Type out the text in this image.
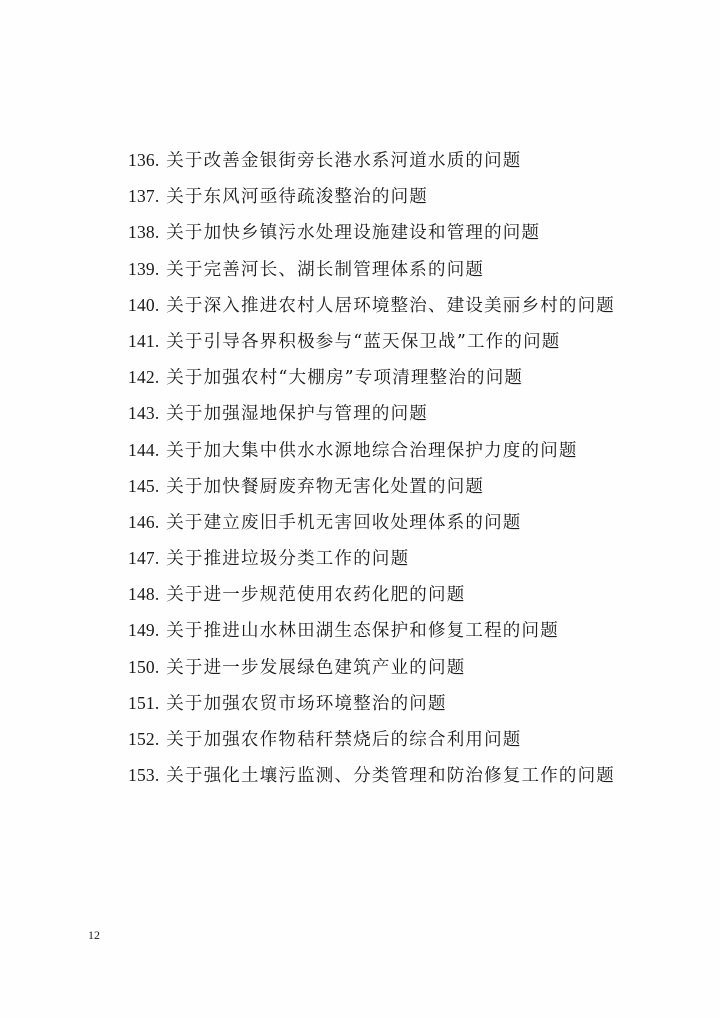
136. 关于改善金银街旁长港水系河道水质的问题
137. 关于东风河亟待疏浚整治的问题
138. 关于加快乡镇污水处理设施建设和管理的问题
139. 关于完善河长、湖长制管理体系的问题
140. 关于深入推进农村人居环境整治、建设美丽乡村的问题
141. 关于引导各界积极参与“蓝天保卫战”工作的问题
142. 关于加强农村“大棚房”专项清理整治的问题
143. 关于加强湿地保护与管理的问题
144. 关于加大集中供水水源地综合治理保护力度的问题
145. 关于加快餐厨废弃物无害化处置的问题
146. 关于建立废旧手机无害回收处理体系的问题
147. 关于推进垃圾分类工作的问题
148. 关于进一步规范使用农药化肥的问题
149. 关于推进山水林田湖生态保护和修复工程的问题
150. 关于进一步发展绿色建筑产业的问题
151. 关于加强农贸市场环境整治的问题
152. 关于加强农作物秸秆禁烧后的综合利用问题
153. 关于强化土壤污监测、分类管理和防治修复工作的问题
12
